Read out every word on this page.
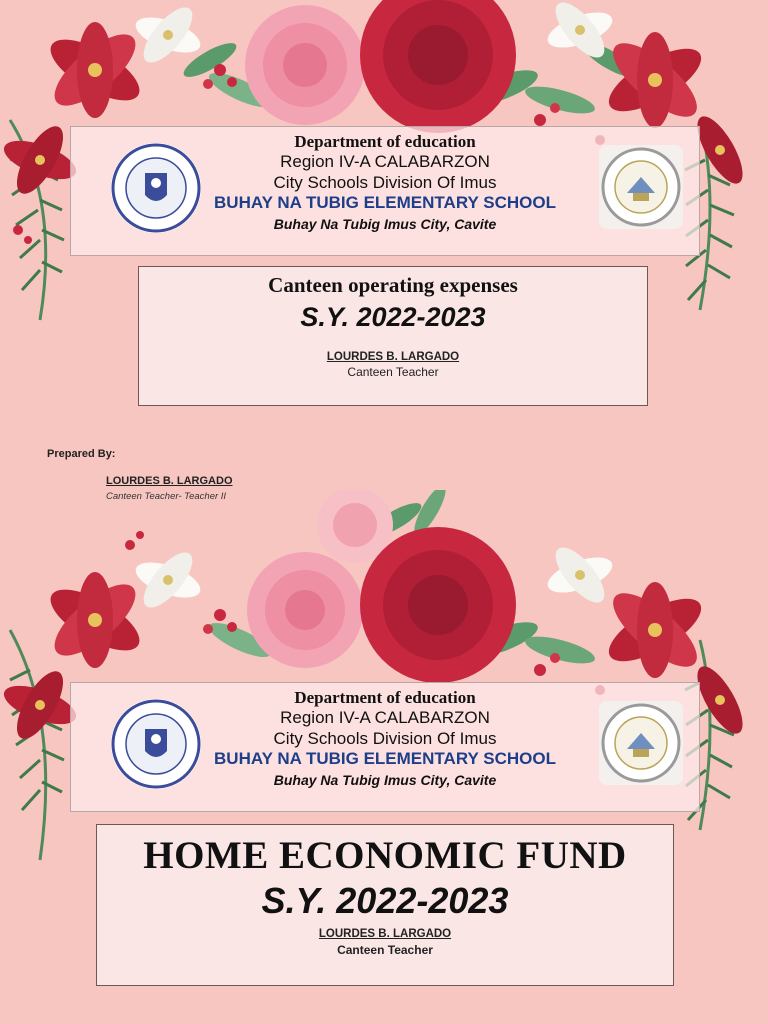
Department of education
Region IV-A CALABARZON
City Schools Division Of Imus
BUHAY NA TUBIG ELEMENTARY SCHOOL
Buhay Na Tubig Imus City, Cavite
Canteen operating expenses
S.Y. 2022-2023
LOURDES B. LARGADO
Canteen Teacher
Prepared By:
LOURDES B. LARGADO
Canteen Teacher- Teacher II
Department of education
Region IV-A CALABARZON
City Schools Division Of Imus
BUHAY NA TUBIG ELEMENTARY SCHOOL
Buhay Na Tubig Imus City, Cavite
HOME ECONOMIC FUND
S.Y. 2022-2023
LOURDES B. LARGADO
Canteen Teacher
